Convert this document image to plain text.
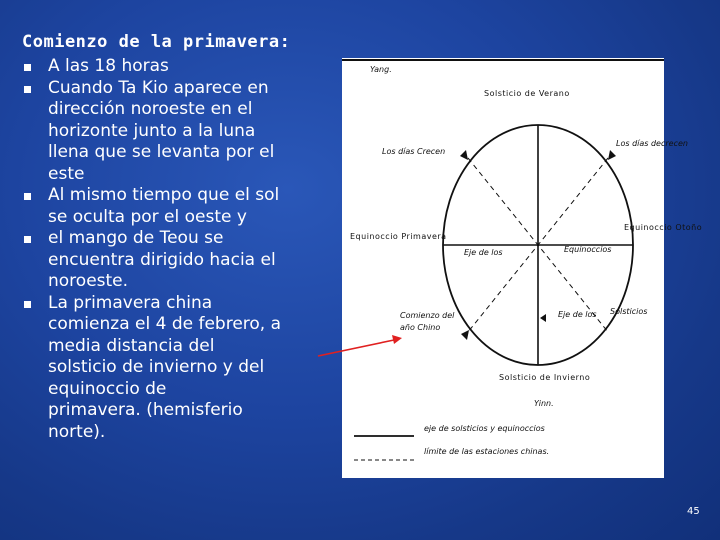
Comienzo de la primavera:
A las 18 horas
Cuando Ta Kio aparece en
dirección noroeste en el
horizonte junto a la luna
llena que se levanta por el
este
Al mismo tiempo que el sol
se oculta por el oeste y
el mango de Teou se
encuentra dirigido hacia el
noroeste.
La primavera china
comienza el 4 de febrero, a
media distancia del
solsticio de invierno y del
equinoccio de
primavera. (hemisferio
norte).
Yang.
Solsticio de Verano
Los días Crecen
Los días decrecen
Equinoccio Primavera
Equinoccio Otoño
Eje de los	Equinoccios
Comienzo del
año Chino
Eje de los Solsticios
Solsticio de Invierno
Yinn.
eje de solsticios y equinoccios
límite de las estaciones chinas.
45
